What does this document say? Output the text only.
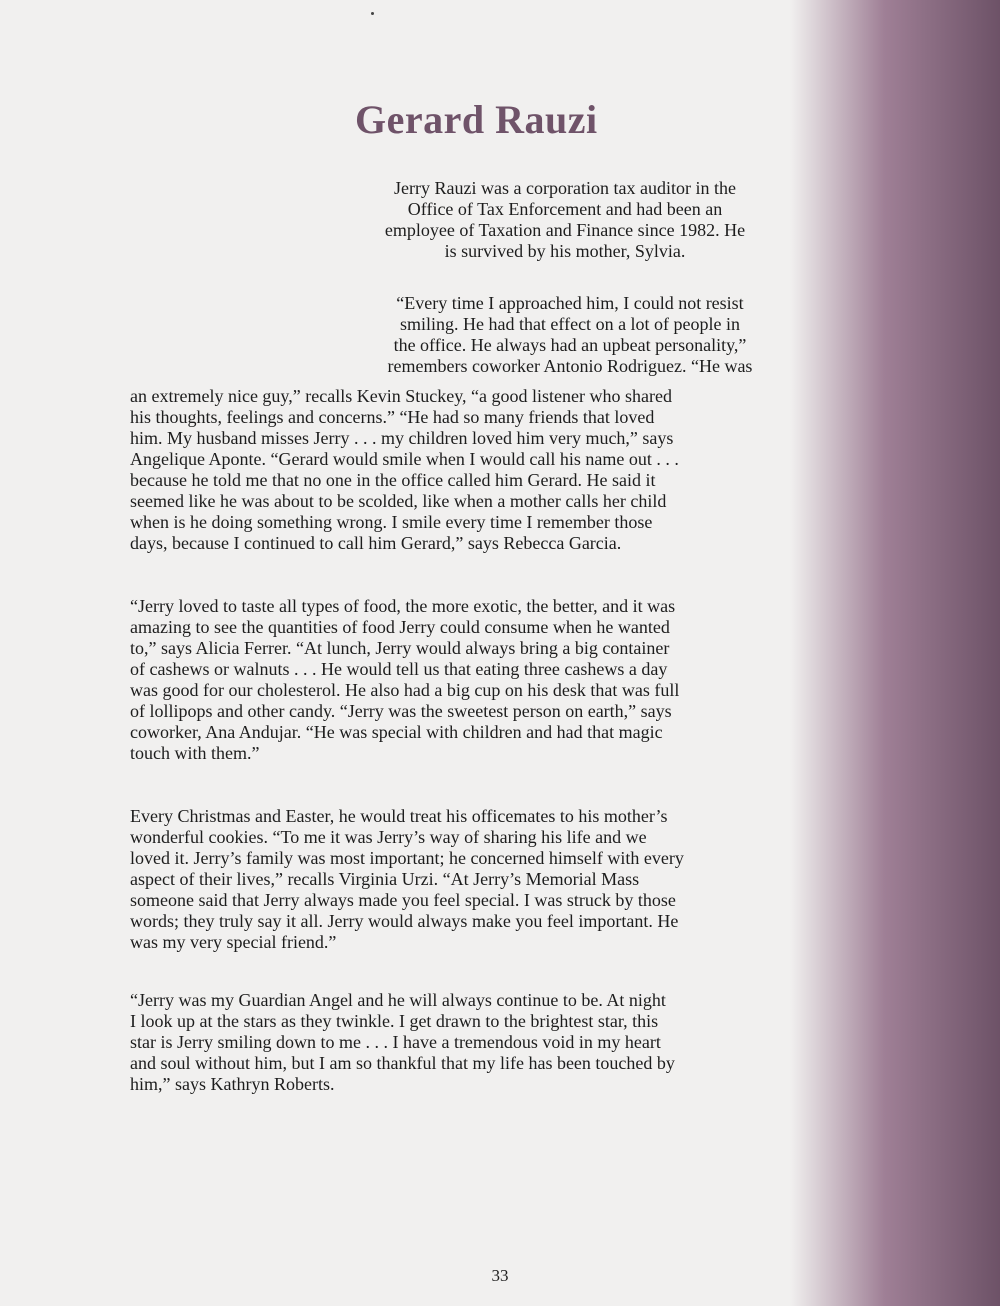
Gerard Rauzi

Jerry Rauzi was a corporation tax auditor in the
Office of Tax Enforcement and had been an
employee of Taxation and Finance since 1982. He
is survived by his mother, Sylvia.

“Every time I approached him, I could not resist
smiling. He had that effect on a lot of people in
the office. He always had an upbeat personality,”
remembers coworker Antonio Rodriguez. “He was

an extremely nice guy,” recalls Kevin Stuckey, “a good listener who shared
his thoughts, feelings and concerns.” “He had so many friends that loved
him. My husband misses Jerry . . . my children loved him very much,” says
Angelique Aponte. “Gerard would smile when I would call his name out . . .
because he told me that no one in the office called him Gerard. He said it
seemed like he was about to be scolded, like when a mother calls her child
when is he doing something wrong. I smile every time I remember those
days, because I continued to call him Gerard,” says Rebecca Garcia.

“Jerry loved to taste all types of food, the more exotic, the better, and it was
amazing to see the quantities of food Jerry could consume when he wanted
to,” says Alicia Ferrer. “At lunch, Jerry would always bring a big container
of cashews or walnuts . . . He would tell us that eating three cashews a day
was good for our cholesterol. He also had a big cup on his desk that was full
of lollipops and other candy. “Jerry was the sweetest person on earth,” says
coworker, Ana Andujar. “He was special with children and had that magic
touch with them.”

Every Christmas and Easter, he would treat his officemates to his mother’s
wonderful cookies. “To me it was Jerry’s way of sharing his life and we
loved it. Jerry’s family was most important; he concerned himself with every
aspect of their lives,” recalls Virginia Urzi. “At Jerry’s Memorial Mass
someone said that Jerry always made you feel special. I was struck by those
words; they truly say it all. Jerry would always make you feel important. He
was my very special friend.”

“Jerry was my Guardian Angel and he will always continue to be. At night
I look up at the stars as they twinkle. I get drawn to the brightest star, this
star is Jerry smiling down to me . . . I have a tremendous void in my heart
and soul without him, but I am so thankful that my life has been touched by
him,” says Kathryn Roberts.

33
